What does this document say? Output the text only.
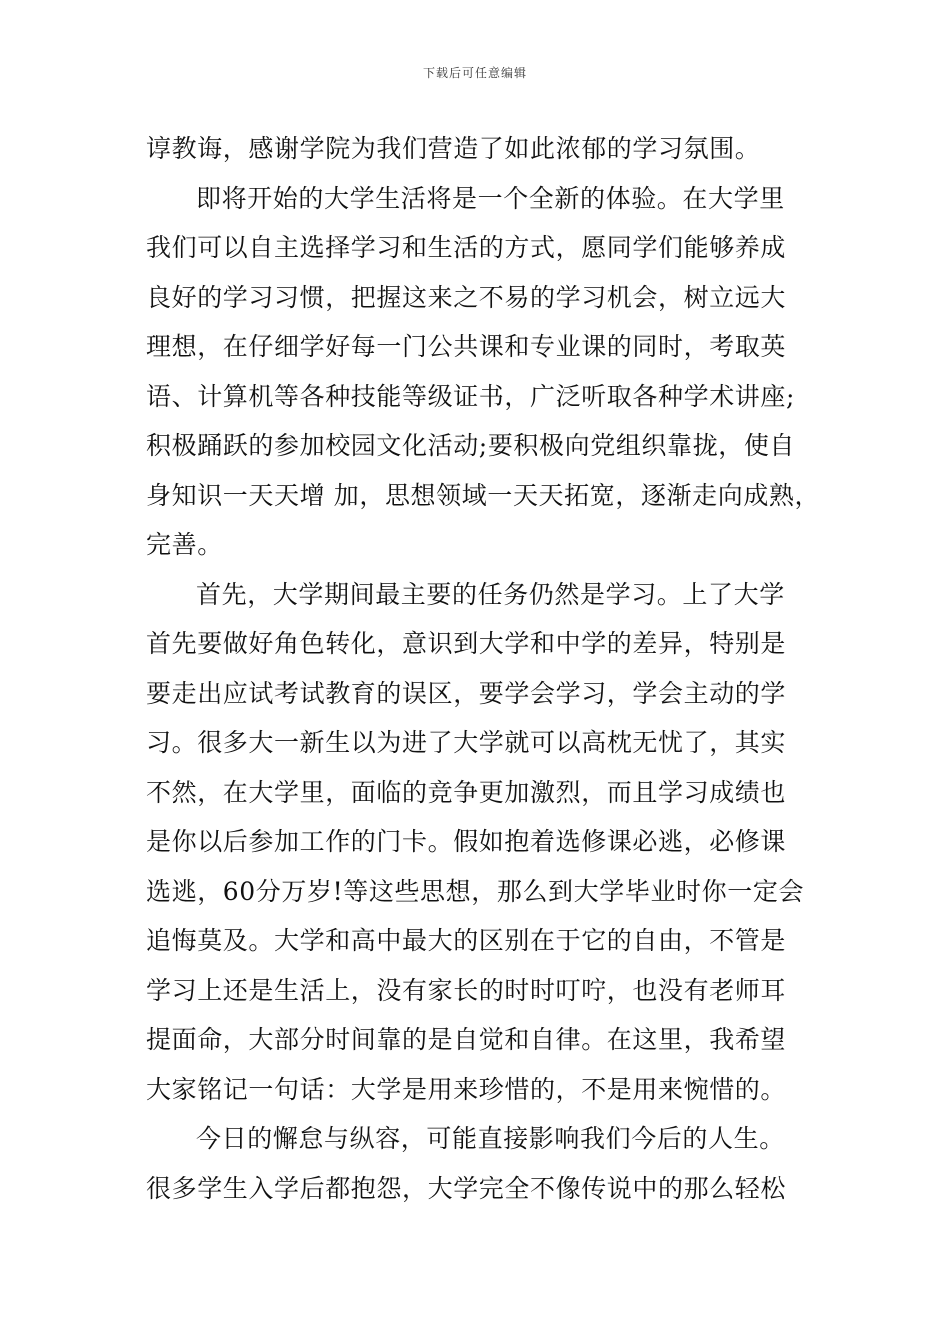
下载后可任意编辑
谆教诲，感谢学院为我们营造了如此浓郁的学习氛围。
即将开始的大学生活将是一个全新的体验。在大学里
我们可以自主选择学习和生活的方式，愿同学们能够养成
良好的学习习惯，把握这来之不易的学习机会，树立远大
理想，在仔细学好每一门公共课和专业课的同时，考取英
语、计算机等各种技能等级证书，广泛听取各种学术讲座;
积极踊跃的参加校园文化活动;要积极向党组织靠拢，使自
身知识一天天增 加，思想领域一天天拓宽，逐渐走向成熟，
完善。
首先，大学期间最主要的任务仍然是学习。上了大学
首先要做好角色转化，意识到大学和中学的差异，特别是
要走出应试考试教育的误区，要学会学习，学会主动的学
习。很多大一新生以为进了大学就可以高枕无忧了，其实
不然，在大学里，面临的竞争更加激烈，而且学习成绩也
是你以后参加工作的门卡。假如抱着选修课必逃，必修课
选逃，60分万岁!等这些思想，那么到大学毕业时你一定会
追悔莫及。大学和高中最大的区别在于它的自由，不管是
学习上还是生活上，没有家长的时时叮咛，也没有老师耳
提面命，大部分时间靠的是自觉和自律。在这里，我希望
大家铭记一句话：大学是用来珍惜的，不是用来惋惜的。
今日的懈怠与纵容，可能直接影响我们今后的人生。
很多学生入学后都抱怨，大学完全不像传说中的那么轻松
